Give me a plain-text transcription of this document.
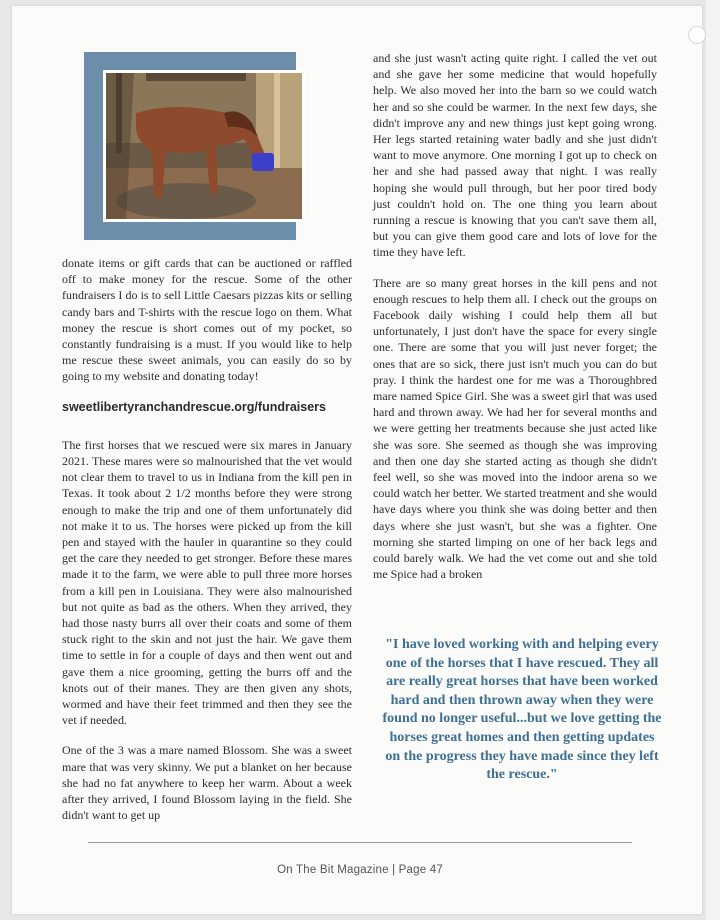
donate items or gift cards that can be auctioned or raffled off to make money for the rescue. Some of the other fundraisers I do is to sell Little Caesars pizzas kits or selling candy bars and T-shirts with the rescue logo on them. What money the rescue is short comes out of my pocket, so constantly fundraising is a must. If you would like to help me rescue these sweet animals, you can easily do so by going to my website and donating today!

sweetlibertyranchandrescue.org/fundraisers

The first horses that we rescued were six mares in January 2021. These mares were so malnourished that the vet would not clear them to travel to us in Indiana from the kill pen in Texas. It took about 2 1/2 months before they were strong enough to make the trip and one of them unfortunately did not make it to us. The horses were picked up from the kill pen and stayed with the hauler in quarantine so they could get the care they needed to get stronger. Before these mares made it to the farm, we were able to pull three more horses from a kill pen in Louisiana. They were also malnourished but not quite as bad as the others. When they arrived, they had those nasty burrs all over their coats and some of them stuck right to the skin and not just the hair. We gave them time to settle in for a couple of days and then went out and gave them a nice grooming, getting the burrs off and the knots out of their manes. They are then given any shots, wormed and have their feet trimmed and then they see the vet if needed.

One of the 3 was a mare named Blossom. She was a sweet mare that was very skinny. We put a blanket on her because she had no fat anywhere to keep her warm. About a week after they arrived, I found Blossom laying in the field. She didn't want to get up

and she just wasn't acting quite right. I called the vet out and she gave her some medicine that would hopefully help. We also moved her into the barn so we could watch her and so she could be warmer. In the next few days, she didn't improve any and new things just kept going wrong. Her legs started retaining water badly and she just didn't want to move anymore. One morning I got up to check on her and she had passed away that night. I was really hoping she would pull through, but her poor tired body just couldn't hold on. The one thing you learn about running a rescue is knowing that you can't save them all, but you can give them good care and lots of love for the time they have left.

There are so many great horses in the kill pens and not enough rescues to help them all. I check out the groups on Facebook daily wishing I could help them all but unfortunately, I just don't have the space for every single one. There are some that you will just never forget; the ones that are so sick, there just isn't much you can do but pray. I think the hardest one for me was a Thoroughbred mare named Spice Girl. She was a sweet girl that was used hard and thrown away. We had her for several months and we were getting her treatments because she just acted like she was sore. She seemed as though she was improving and then one day she started acting as though she didn't feel well, so she was moved into the indoor arena so we could watch her better. We started treatment and she would have days where you think she was doing better and then days where she just wasn't, but she was a fighter. One morning she started limping on one of her back legs and could barely walk. We had the vet come out and she told me Spice had a broken

"I have loved working with and helping every one of the horses that I have rescued. They all are really great horses that have been worked hard and then thrown away when they were found no longer useful...but we love getting the horses great homes and then getting updates on the progress they have made since they left the rescue."
On The Bit Magazine | Page 47
